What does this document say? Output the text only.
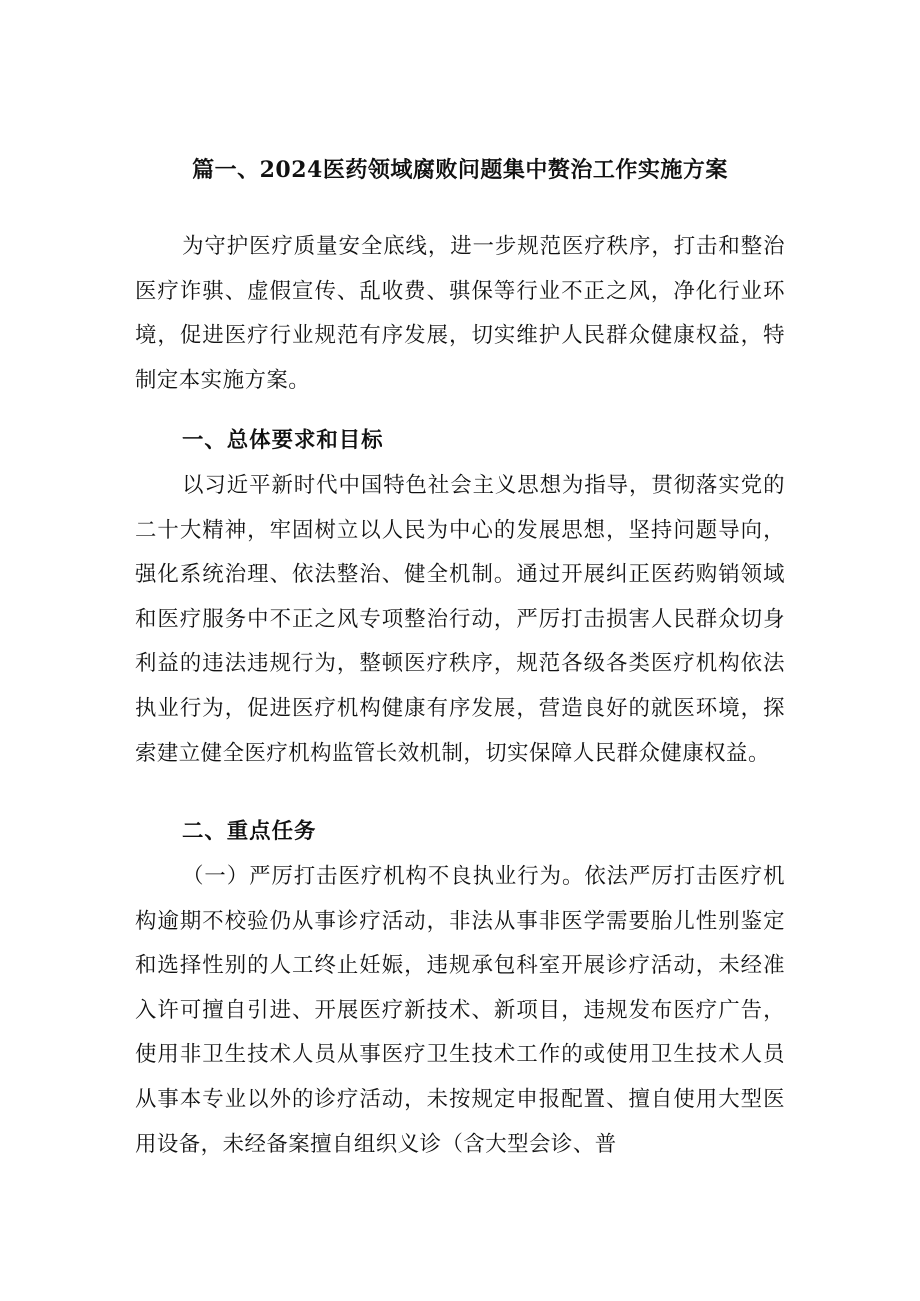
篇一、2024医药领域腐败问题集中赘治工作实施方案

为守护医疗质量安全底线，进一步规范医疗秩序，打击和整治医疗诈骐、虚假宣传、乱收费、骐保等行业不正之风，净化行业环境，促进医疗行业规范有序发展，切实维护人民群众健康权益，特制定本实施方案。

一、总体要求和目标

以习近平新时代中国特色社会主义思想为指导，贯彻落实党的二十大精神，牢固树立以人民为中心的发展思想，坚持问题导向，强化系统治理、依法整治、健全机制。通过开展纠正医药购销领域和医疗服务中不正之风专项整治行动，严厉打击损害人民群众切身利益的违法违规行为，整顿医疗秩序，规范各级各类医疗机构依法执业行为，促进医疗机构健康有序发展，营造良好的就医环境，探索建立健全医疗机构监管长效机制，切实保障人民群众健康权益。

二、重点任务

（一）严厉打击医疗机构不良执业行为。依法严厉打击医疗机构逾期不校验仍从事诊疗活动，非法从事非医学需要胎儿性别鉴定和选择性别的人工终止妊娠，违规承包科室开展诊疗活动，未经准入许可擅自引进、开展医疗新技术、新项目，违规发布医疗广告，使用非卫生技术人员从事医疗卫生技术工作的或使用卫生技术人员从事本专业以外的诊疗活动，未按规定申报配置、擅自使用大型医用设备，未经备案擅自组织义诊（含大型会诊、普
